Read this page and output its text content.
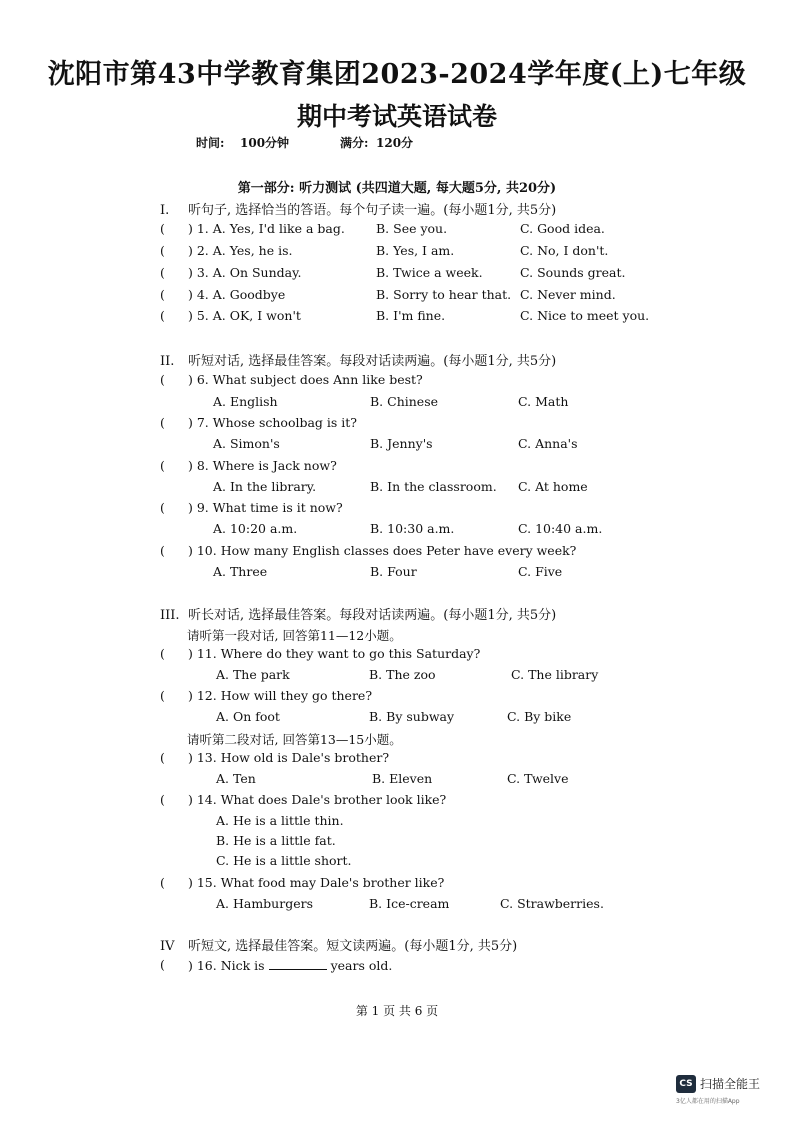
沈阳市第43中学教育集团2023-2024学年度(上)七年级
期中考试英语试卷
时间: 100分钟	满分: 120分
第一部分: 听力测试 (共四道大题, 每大题5分, 共20分)
I. 听句子, 选择恰当的答语。每个句子读一遍。(每小题1分, 共5分)
( ) 1. A. Yes, I'd like a bag. B. See you.	C. Good idea.
( ) 2. A. Yes, he is.	B. Yes, I am.	C. No, I don't.
( ) 3. A. On Sunday.	B. Twice a week.	C. Sounds great.
( ) 4. A. Goodbye	B. Sorry to hear that. C. Never mind.
( ) 5. A. OK, I won't	B. I'm fine.	C. Nice to meet you.
II. 听短对话, 选择最佳答案。每段对话读两遍。(每小题1分, 共5分)
( ) 6. What subject does Ann like best?
A. English	B. Chinese	C. Math
( ) 7. Whose schoolbag is it?
A. Simon's	B. Jenny's	C. Anna's
( ) 8. Where is Jack now?
A. In the library.	B. In the classroom. C. At home
( ) 9. What time is it now?
A. 10:20 a.m.	B. 10:30 a.m.	C. 10:40 a.m.
( ) 10. How many English classes does Peter have every week?
A. Three	B. Four	C. Five
III. 听长对话, 选择最佳答案。每段对话读两遍。(每小题1分, 共5分)
请听第一段对话, 回答第11—12小题。
( ) 11. Where do they want to go this Saturday?
A. The park	B. The zoo	C. The library
( ) 12. How will they go there?
A. On foot	B. By subway	C. By bike
请听第二段对话, 回答第13—15小题。
( ) 13. How old is Dale's brother?
A. Ten	B. Eleven	C. Twelve
( ) 14. What does Dale's brother look like?
A. He is a little thin.
B. He is a little fat.
C. He is a little short.
( ) 15. What food may Dale's brother like?
A. Hamburgers	B. Ice-cream	C. Strawberries.
IV 听短文, 选择最佳答案。短文读两遍。(每小题1分, 共5分)
( ) 16. Nick is	years old.
第 1 页 共 6 页
CS 扫描全能王
3亿人都在用的扫描App
